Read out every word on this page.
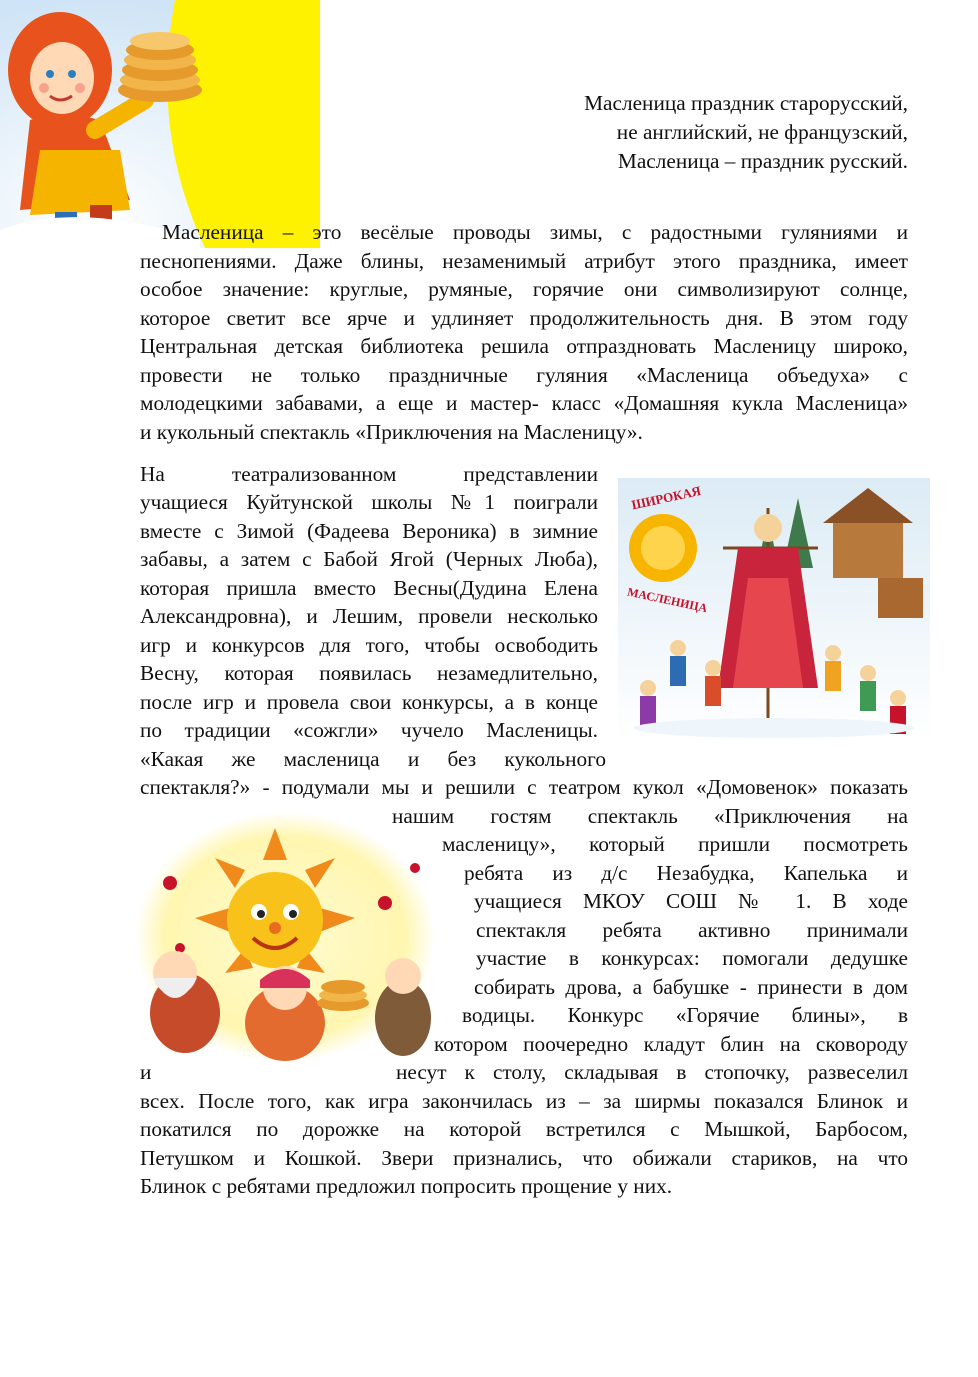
Масленица праздник старорусский,
не английский, не французский,
Масленица – праздник русский.
Масленица – это весёлые проводы зимы, с радостными гуляниями и
песнопениями. Даже блины, незаменимый атрибут этого праздника, имеет
особое значение: круглые, румяные, горячие они символизируют солнце,
которое светит все ярче и удлиняет продолжительность дня. В этом году
Центральная детская библиотека решила отпраздновать Масленицу широко,
провести не только праздничные гуляния «Масленица объедуха» с
молодецкими забавами, а еще и мастер- класс «Домашняя кукла Масленица»
и кукольный спектакль «Приключения на Масленицу».
ШИРОКАЯ
МАСЛЕНИЦА
На театрализованном представлении
учащиеся Куйтунской школы №1 поиграли
вместе с Зимой (Фадеева Вероника) в зимние
забавы, а затем с Бабой Ягой (Черных Люба),
которая пришла вместо Весны(Дудина Елена
Александровна), и Лешим, провели несколько
игр и конкурсов для того, чтобы освободить
Весну, которая появилась незамедлительно,
после игр и провела свои конкурсы, а в конце
по традиции «сожгли» чучело Масленицы.
«Какая же масленица и без кукольного
спектакля?» - подумали мы и решили с театром кукол «Домовенок» показать
нашим гостям спектакль «Приключения на
масленицу», который пришли посмотреть
ребята из д/с Незабудка, Капелька и
учащиеся МКОУ СОШ № 1. В ходе
спектакля ребята активно принимали
участие в конкурсах: помогали дедушке
собирать дрова, а бабушке - принести в дом
водицы. Конкурс «Горячие блины», в
котором поочередно кладут блин на сковороду
и	несут к столу, складывая в стопочку, развеселил
всех. После того, как игра закончилась из – за ширмы показался Блинок и
покатился по дорожке на которой встретился с Мышкой, Барбосом,
Петушком и Кошкой. Звери признались, что обижали стариков, на что
Блинок с ребятами предложил попросить прощение у них.
